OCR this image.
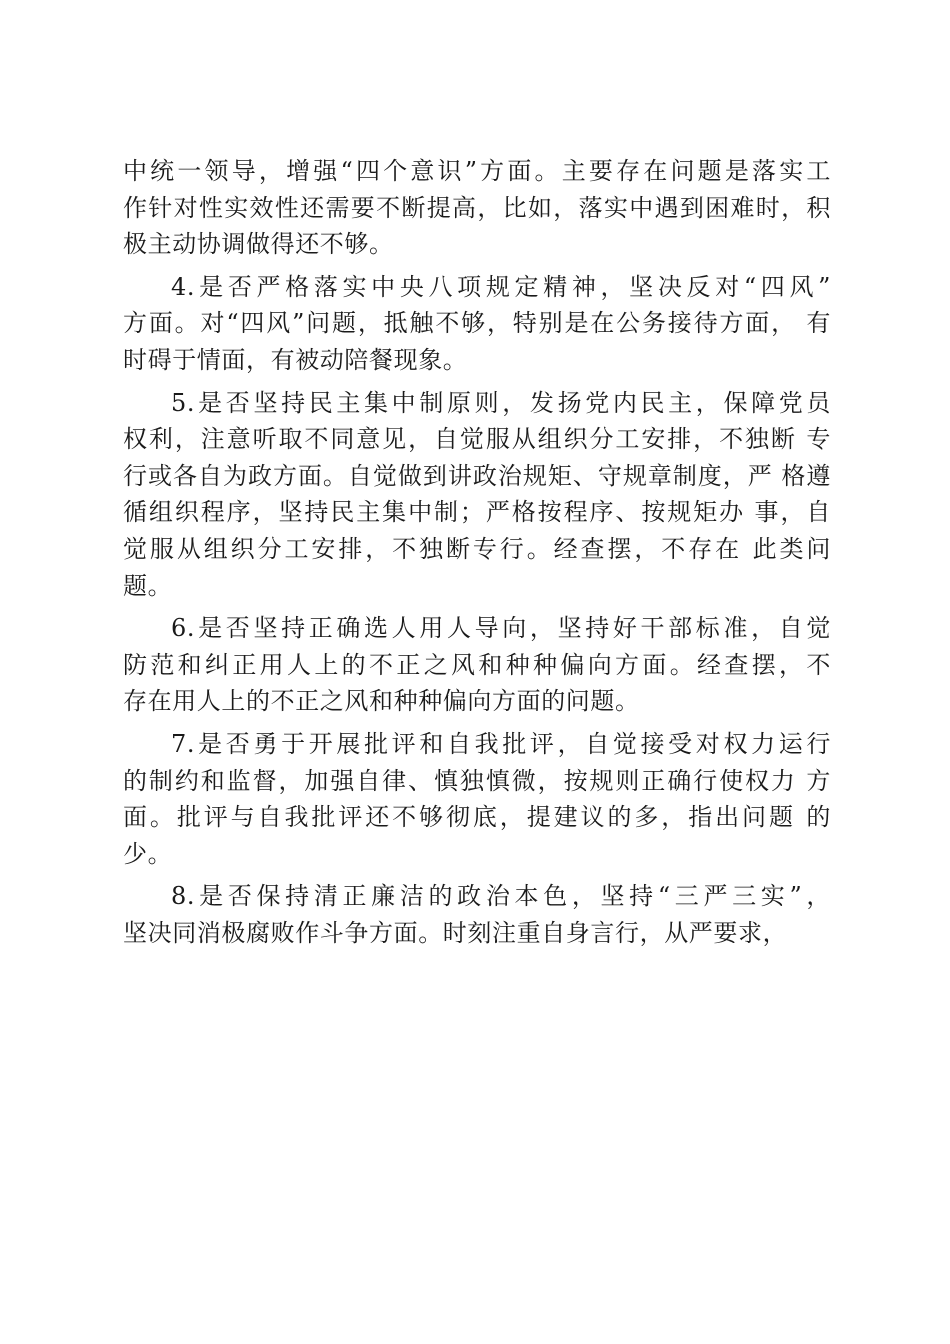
中统一领导，增强“四个意识”方面。主要存在问题是落实工
作针对性实效性还需要不断提高，比如，落实中遇到困难时，积
极主动协调做得还不够。
4.是否严格落实中央八项规定精神，坚决反对“四风”
方面。对“四风”问题，抵触不够，特别是在公务接待方面， 有
时碍于情面，有被动陪餐现象。
5.是否坚持民主集中制原则，发扬党内民主，保障党员
权利，注意听取不同意见，自觉服从组织分工安排，不独断 专
行或各自为政方面。自觉做到讲政治规矩、守规章制度，严 格遵
循组织程序，坚持民主集中制；严格按程序、按规矩办 事，自
觉服从组织分工安排，不独断专行。经查摆，不存在 此类问
题。
6.是否坚持正确选人用人导向，坚持好干部标准，自觉
防范和纠正用人上的不正之风和种种偏向方面。经查摆，不
存在用人上的不正之风和种种偏向方面的问题。
7.是否勇于开展批评和自我批评，自觉接受对权力运行
的制约和监督，加强自律、慎独慎微，按规则正确行使权力 方
面。批评与自我批评还不够彻底，提建议的多，指出问题 的
少。
8.是否保持清正廉洁的政治本色，坚持“三严三实”，
坚决同消极腐败作斗争方面。时刻注重自身言行，从严要求，
